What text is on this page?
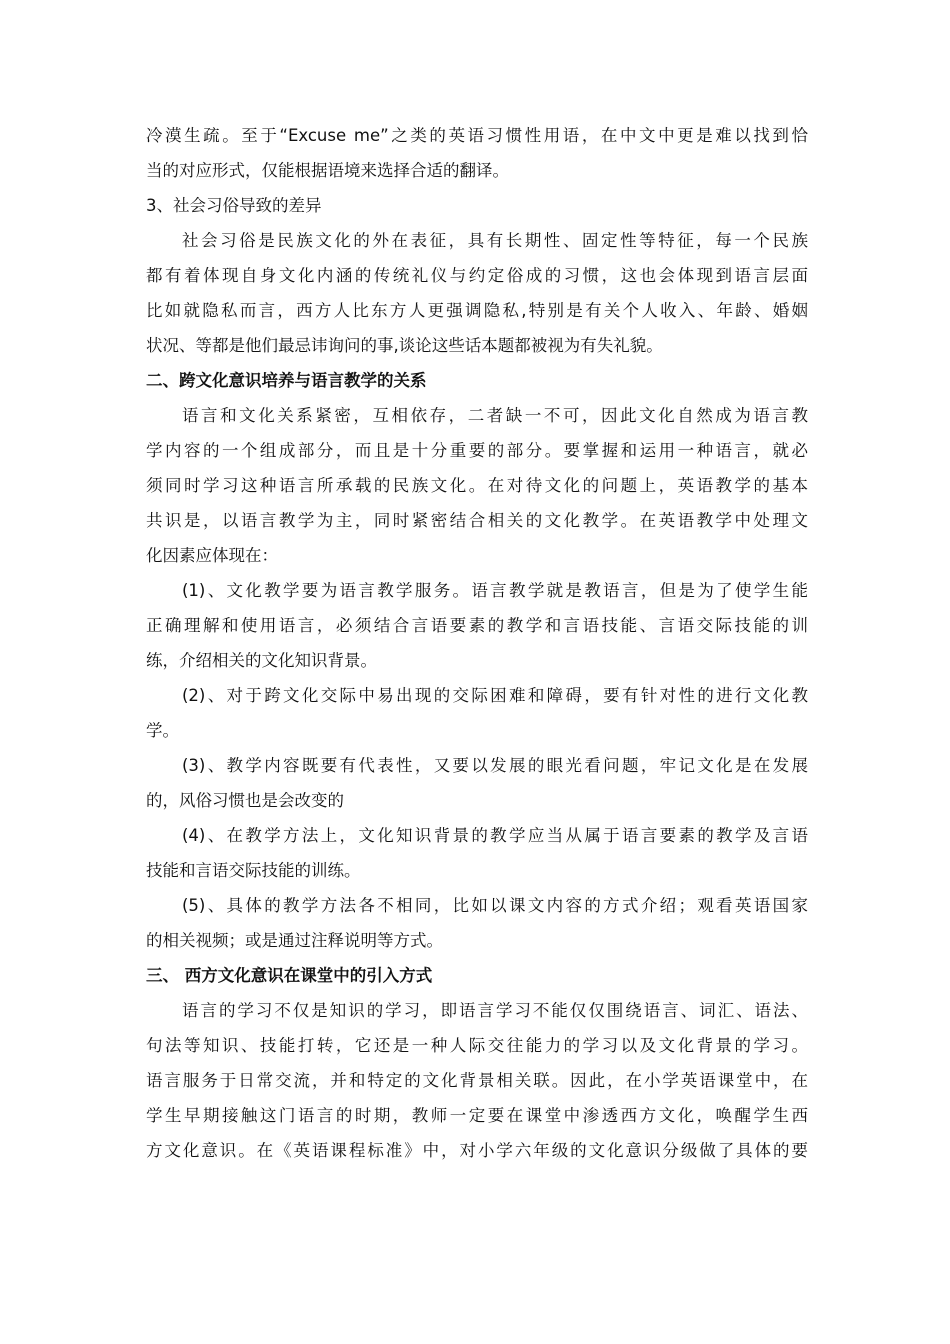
冷漠生疏。至于“Excuse me”之类的英语习惯性用语，在中文中更是难以找到恰
当的对应形式，仅能根据语境来选择合适的翻译。
3、社会习俗导致的差异
社会习俗是民族文化的外在表征，具有长期性、固定性等特征，每一个民族
都有着体现自身文化内涵的传统礼仪与约定俗成的习惯，这也会体现到语言层面
比如就隐私而言，西方人比东方人更强调隐私,特别是有关个人收入、年龄、婚姻
状况、等都是他们最忌讳询问的事,谈论这些话本题都被视为有失礼貌。
二、跨文化意识培养与语言教学的关系
语言和文化关系紧密，互相依存，二者缺一不可，因此文化自然成为语言教
学内容的一个组成部分，而且是十分重要的部分。要掌握和运用一种语言，就必
须同时学习这种语言所承载的民族文化。在对待文化的问题上，英语教学的基本
共识是，以语言教学为主，同时紧密结合相关的文化教学。在英语教学中处理文
化因素应体现在：
(1)、文化教学要为语言教学服务。语言教学就是教语言，但是为了使学生能
正确理解和使用语言，必须结合言语要素的教学和言语技能、言语交际技能的训
练，介绍相关的文化知识背景。
(2)、对于跨文化交际中易出现的交际困难和障碍，要有针对性的进行文化教
学。
(3)、教学内容既要有代表性，又要以发展的眼光看问题，牢记文化是在发展
的，风俗习惯也是会改变的
(4)、在教学方法上，文化知识背景的教学应当从属于语言要素的教学及言语
技能和言语交际技能的训练。
(5)、具体的教学方法各不相同，比如以课文内容的方式介绍；观看英语国家
的相关视频；或是通过注释说明等方式。
三、 西方文化意识在课堂中的引入方式
语言的学习不仅是知识的学习，即语言学习不能仅仅围绕语言、词汇、语法、
句法等知识、技能打转，它还是一种人际交往能力的学习以及文化背景的学习。
语言服务于日常交流，并和特定的文化背景相关联。因此，在小学英语课堂中，在
学生早期接触这门语言的时期，教师一定要在课堂中渗透西方文化，唤醒学生西
方文化意识。在《英语课程标准》中，对小学六年级的文化意识分级做了具体的要
